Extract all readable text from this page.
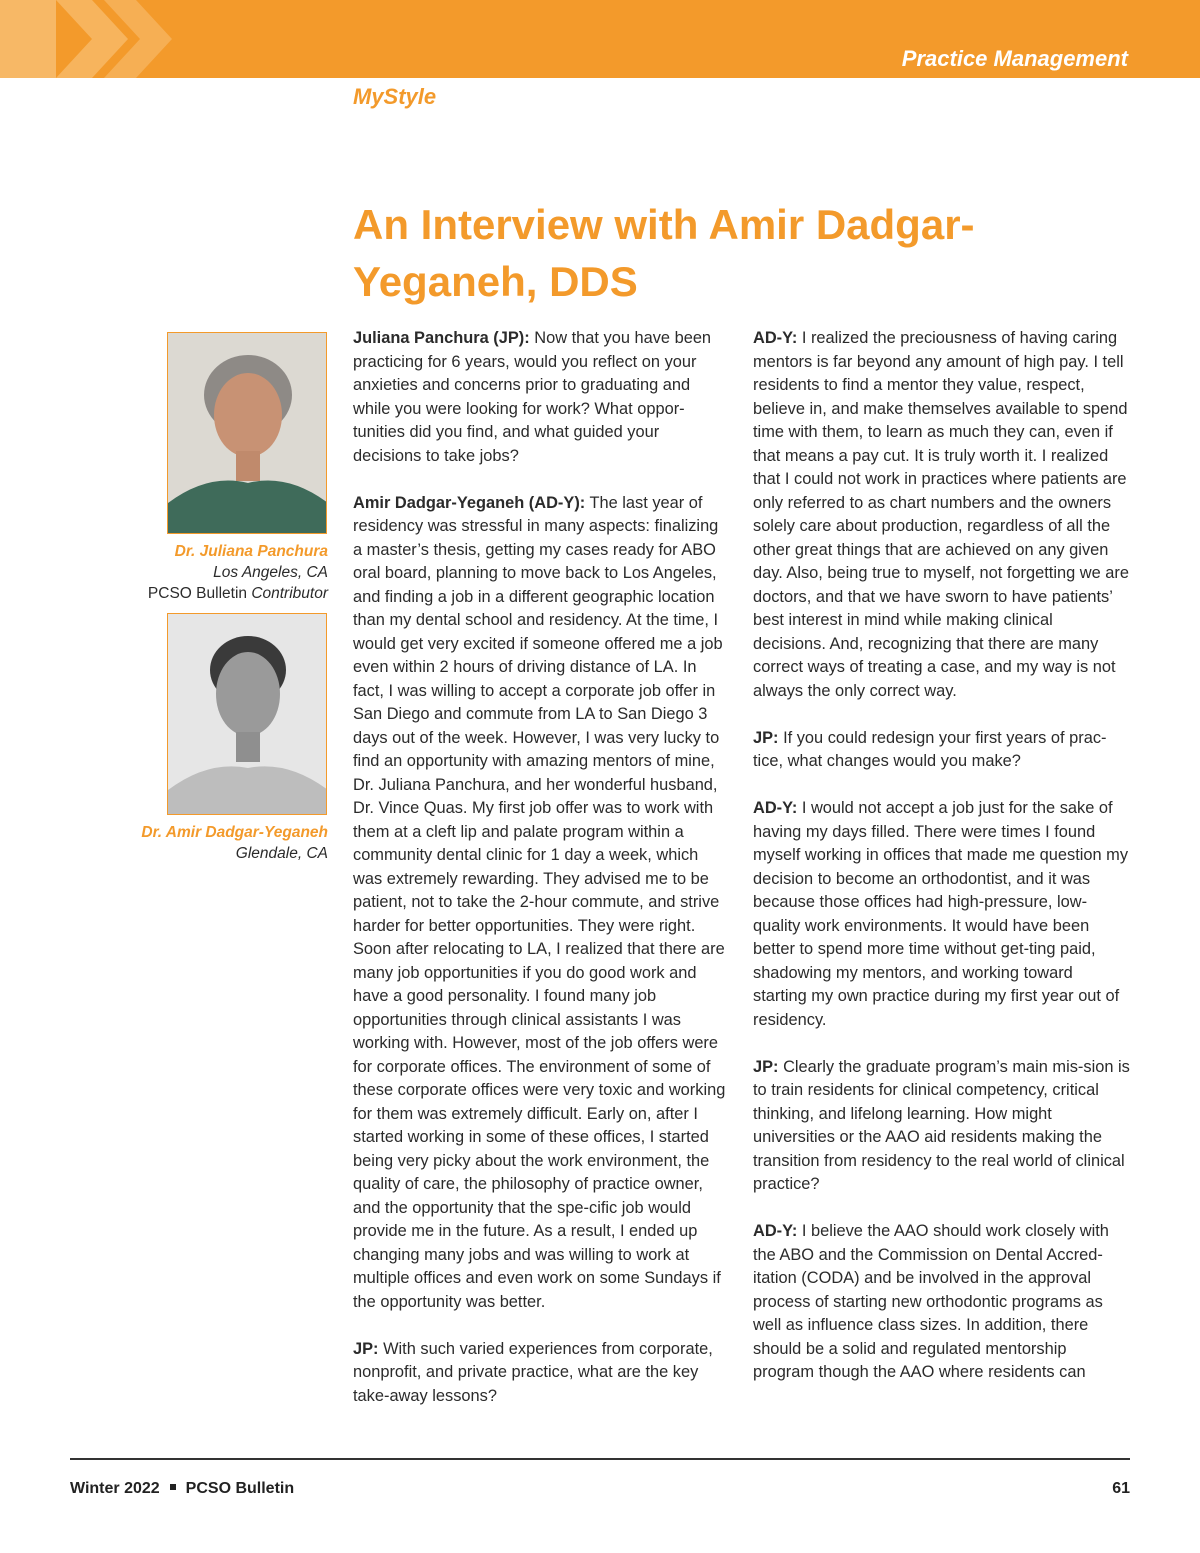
Practice Management
MyStyle
An Interview with Amir Dadgar-Yeganeh, DDS
Dr. Juliana Panchura
Los Angeles, CA
PCSO Bulletin Contributor
Dr. Amir Dadgar-Yeganeh
Glendale, CA

Juliana Panchura (JP): Now that you have been practicing for 6 years, would you reflect on your anxieties and concerns prior to graduating and while you were looking for work? What oppor-tunities did you find, and what guided your decisions to take jobs?

Amir Dadgar-Yeganeh (AD-Y): The last year of residency was stressful in many aspects: finalizing a master’s thesis, getting my cases ready for ABO oral board, planning to move back to Los Angeles, and finding a job in a different geographic location than my dental school and residency. At the time, I would get very excited if someone offered me a job even within 2 hours of driving distance of LA. In fact, I was willing to accept a corporate job offer in San Diego and commute from LA to San Diego 3 days out of the week. However, I was very lucky to find an opportunity with amazing mentors of mine, Dr. Juliana Panchura, and her wonderful husband, Dr. Vince Quas. My first job offer was to work with them at a cleft lip and palate program within a community dental clinic for 1 day a week, which was extremely rewarding. They advised me to be patient, not to take the 2-hour commute, and strive harder for better opportunities. They were right. Soon after relocating to LA, I realized that there are many job opportunities if you do good work and have a good personality. I found many job opportunities through clinical assistants I was working with. However, most of the job offers were for corporate offices. The environment of some of these corporate offices were very toxic and working for them was extremely difficult. Early on, after I started working in some of these offices, I started being very picky about the work environment, the quality of care, the philosophy of practice owner, and the opportunity that the spe-cific job would provide me in the future. As a result, I ended up changing many jobs and was willing to work at multiple offices and even work on some Sundays if the opportunity was better.

JP: With such varied experiences from corporate, nonprofit, and private practice, what are the key take-away lessons?

AD-Y: I realized the preciousness of having caring mentors is far beyond any amount of high pay. I tell residents to find a mentor they value, respect, believe in, and make themselves available to spend time with them, to learn as much they can, even if that means a pay cut. It is truly worth it. I realized that I could not work in practices where patients are only referred to as chart numbers and the owners solely care about production, regardless of all the other great things that are achieved on any given day. Also, being true to myself, not forgetting we are doctors, and that we have sworn to have patients’ best interest in mind while making clinical decisions. And, recognizing that there are many correct ways of treating a case, and my way is not always the only correct way.

JP: If you could redesign your first years of prac-tice, what changes would you make?

AD-Y: I would not accept a job just for the sake of having my days filled. There were times I found myself working in offices that made me question my decision to become an orthodontist, and it was because those offices had high-pressure, low-quality work environments. It would have been better to spend more time without get-ting paid, shadowing my mentors, and working toward starting my own practice during my first year out of residency.

JP: Clearly the graduate program’s main mis-sion is to train residents for clinical competency, critical thinking, and lifelong learning. How might universities or the AAO aid residents making the transition from residency to the real world of clinical practice?

AD-Y: I believe the AAO should work closely with the ABO and the Commission on Dental Accred-itation (CODA) and be involved in the approval process of starting new orthodontic programs as well as influence class sizes. In addition, there should be a solid and regulated mentorship program though the AAO where residents can

Winter 2022 PCSO Bulletin	61
